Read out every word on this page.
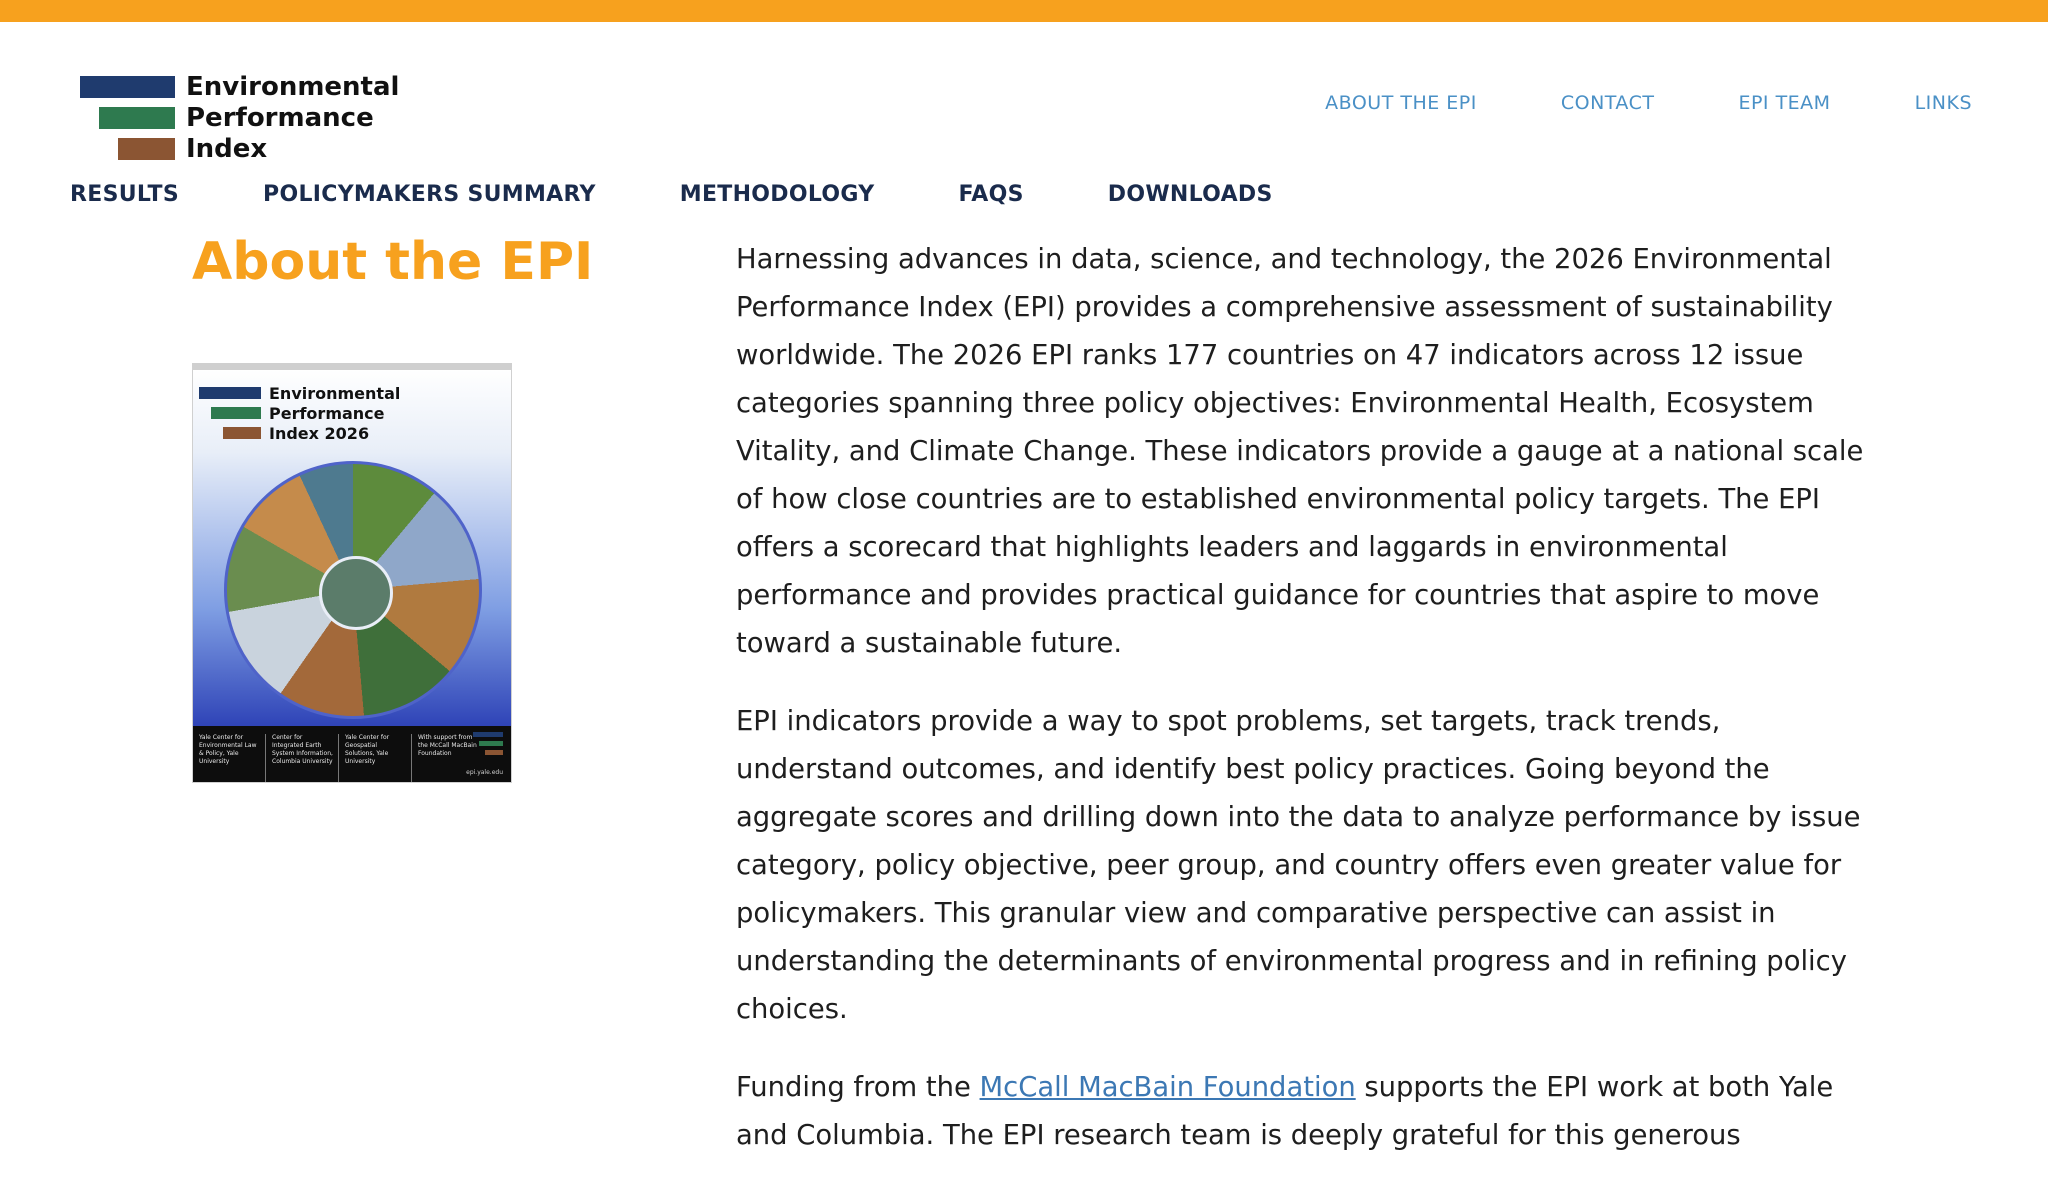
Environmental
Performance
Index
ABOUT THE EPI	CONTACT	EPI TEAM	LINKS
RESULTS	POLICYMAKERS SUMMARY	METHODOLOGY	FAQS	DOWNLOADS
About the EPI
Environmental
Performance
Index 2026
Yale Center for Environmental Law & Policy, Yale University
Center for Integrated Earth System Information, Columbia University
Yale Center for Geospatial Solutions, Yale University
With support from the McCall MacBain Foundation
epi.yale.edu

Harnessing advances in data, science, and technology, the 2026 Environmental Performance Index (EPI) provides a comprehensive assessment of sustainability worldwide. The 2026 EPI ranks 177 countries on 47 indicators across 12 issue categories spanning three policy objectives: Environmental Health, Ecosystem Vitality, and Climate Change. These indicators provide a gauge at a national scale of how close countries are to established environmental policy targets. The EPI offers a scorecard that highlights leaders and laggards in environmental performance and provides practical guidance for countries that aspire to move toward a sustainable future.

EPI indicators provide a way to spot problems, set targets, track trends, understand outcomes, and identify best policy practices. Going beyond the aggregate scores and drilling down into the data to analyze performance by issue category, policy objective, peer group, and country offers even greater value for policymakers. This granular view and comparative perspective can assist in understanding the determinants of environmental progress and in refining policy choices.

Funding from the McCall MacBain Foundation supports the EPI work at both Yale and Columbia. The EPI research team is deeply grateful for this generous
